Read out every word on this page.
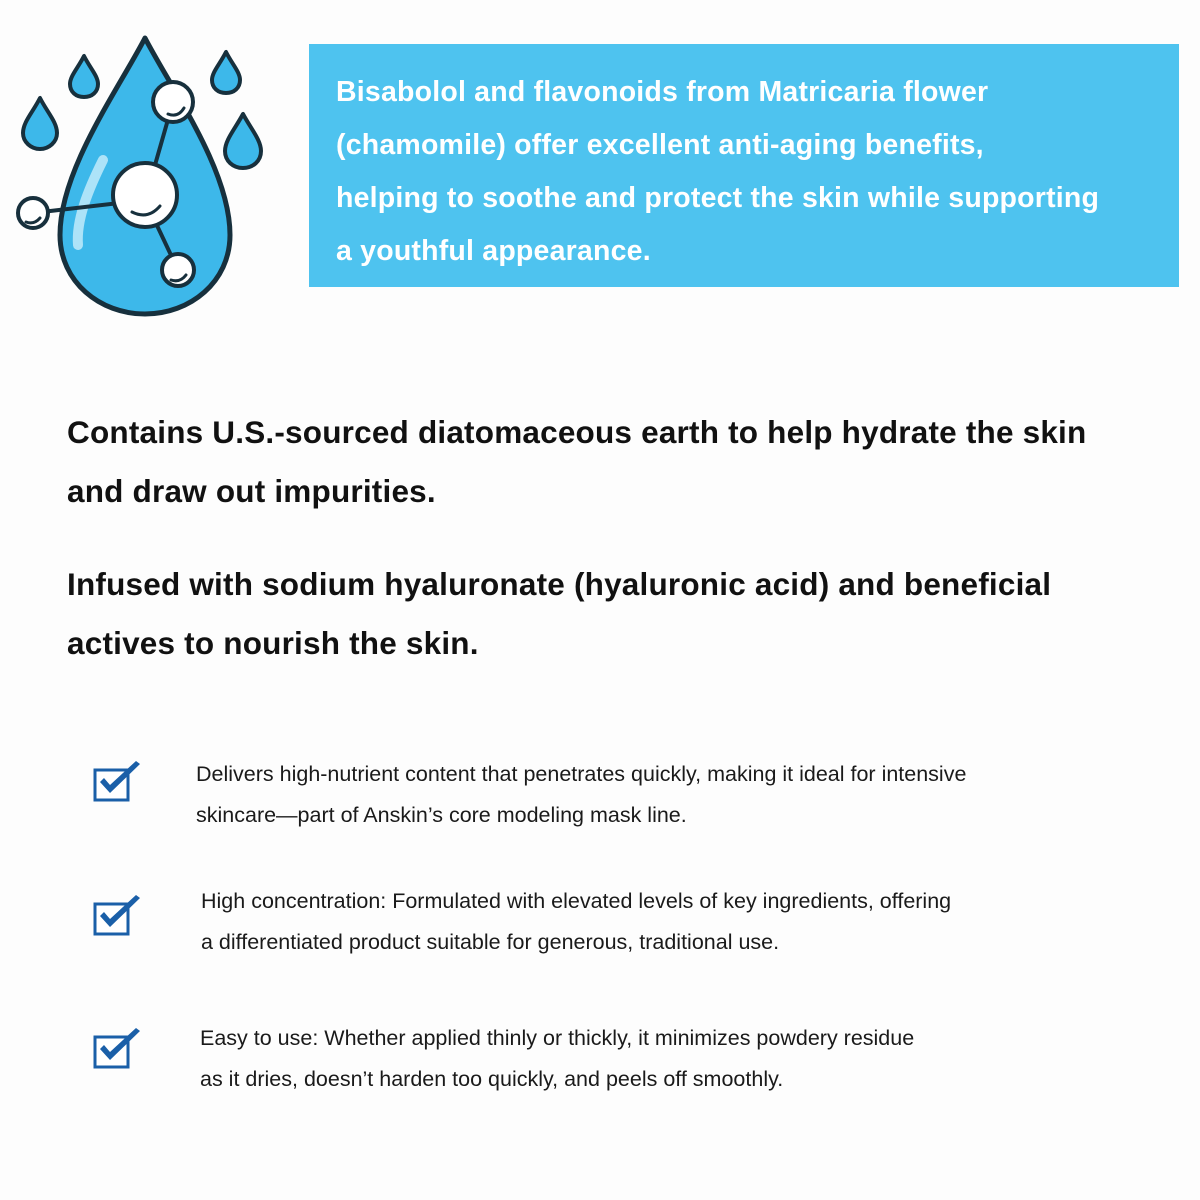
Bisabolol and flavonoids from Matricaria flower
(chamomile) offer excellent anti-aging benefits,
helping to soothe and protect the skin while supporting
a youthful appearance.

Contains U.S.-sourced diatomaceous earth to help hydrate the skin
and draw out impurities.

Infused with sodium hyaluronate (hyaluronic acid) and beneficial
actives to nourish the skin.

Delivers high-nutrient content that penetrates quickly, making it ideal for intensive
skincare—part of Anskin’s core modeling mask line.

High concentration: Formulated with elevated levels of key ingredients, offering
a differentiated product suitable for generous, traditional use.

Easy to use: Whether applied thinly or thickly, it minimizes powdery residue
as it dries, doesn’t harden too quickly, and peels off smoothly.
